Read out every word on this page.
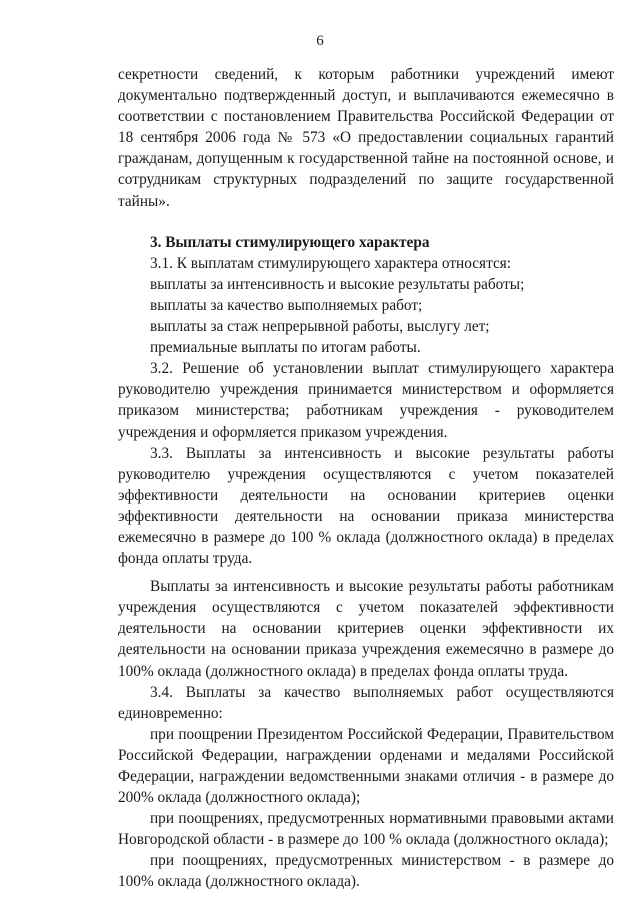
6

секретности сведений, к которым работники учреждений имеют документально подтвержденный доступ, и выплачиваются ежемесячно в соответствии с постановлением Правительства Российской Федерации от 18 сентября 2006 года № 573 «О предоставлении социальных гарантий гражданам, допущенным к государственной тайне на постоянной основе, и сотрудникам структурных подразделений по защите государственной тайны».

3. Выплаты стимулирующего характера

3.1. К выплатам стимулирующего характера относятся:

выплаты за интенсивность и высокие результаты работы;

выплаты за качество выполняемых работ;

выплаты за стаж непрерывной работы, выслугу лет;

премиальные выплаты по итогам работы.

3.2. Решение об установлении выплат стимулирующего характера руководителю учреждения принимается министерством и оформляется приказом министерства; работникам учреждения - руководителем учреждения и оформляется приказом учреждения.

3.3. Выплаты за интенсивность и высокие результаты работы руководителю учреждения осуществляются с учетом показателей эффективности деятельности на основании критериев оценки эффективности деятельности на основании приказа министерства ежемесячно в размере до 100 % оклада (должностного оклада) в пределах фонда оплаты труда.

Выплаты за интенсивность и высокие результаты работы работникам учреждения осуществляются с учетом показателей эффективности деятельности на основании критериев оценки эффективности их деятельности на основании приказа учреждения ежемесячно в размере до 100% оклада (должностного оклада) в пределах фонда оплаты труда.

3.4. Выплаты за качество выполняемых работ осуществляются единовременно:

при поощрении Президентом Российской Федерации, Правительством Российской Федерации, награждении орденами и медалями Российской Федерации, награждении ведомственными знаками отличия - в размере до 200% оклада (должностного оклада);

при поощрениях, предусмотренных нормативными правовыми актами Новгородской области - в размере до 100 % оклада (должностного оклада);

при поощрениях, предусмотренных министерством - в размере до 100% оклада (должностного оклада).
